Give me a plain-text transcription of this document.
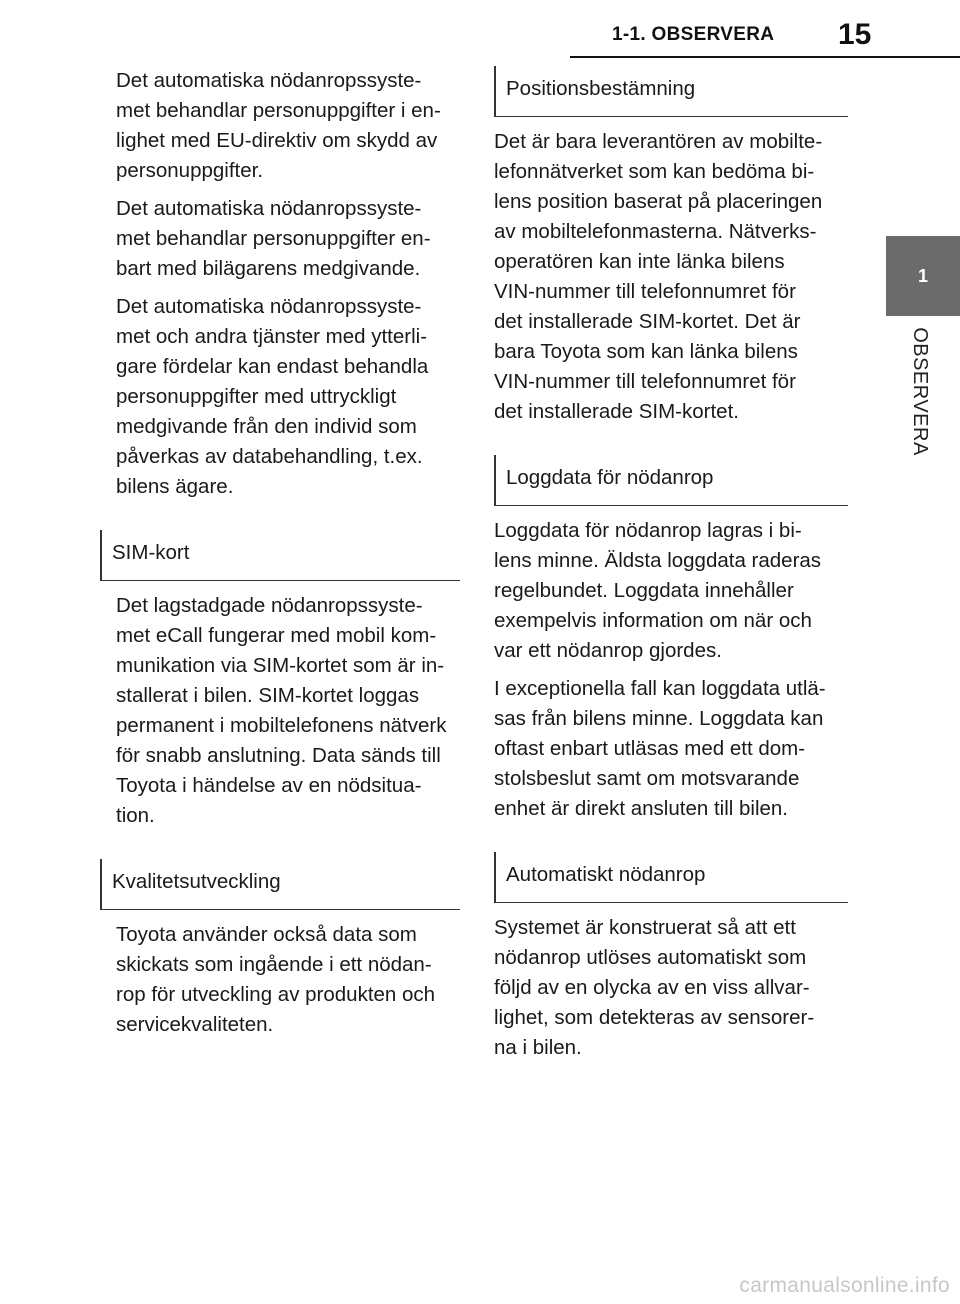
1-1. OBSERVERA 15
1
OBSERVERA

Det automatiska nödanropssyste-
met behandlar personuppgifter i en-
lighet med EU-direktiv om skydd av
personuppgifter.

Det automatiska nödanropssyste-
met behandlar personuppgifter en-
bart med bilägarens medgivande.

Det automatiska nödanropssyste-
met och andra tjänster med ytterli-
gare fördelar kan endast behandla
personuppgifter med uttryckligt
medgivande från den individ som
påverkas av databehandling, t.ex.
bilens ägare.

SIM-kort

Det lagstadgade nödanropssyste-
met eCall fungerar med mobil kom-
munikation via SIM-kortet som är in-
stallerat i bilen. SIM-kortet loggas
permanent i mobiltelefonens nätverk
för snabb anslutning. Data sänds till
Toyota i händelse av en nödsitua-
tion.

Kvalitetsutveckling

Toyota använder också data som
skickats som ingående i ett nödan-
rop för utveckling av produkten och
servicekvaliteten.

Positionsbestämning

Det är bara leverantören av mobilte-
lefonnätverket som kan bedöma bi-
lens position baserat på placeringen
av mobiltelefonmasterna. Nätverks-
operatören kan inte länka bilens
VIN-nummer till telefonnumret för
det installerade SIM-kortet. Det är
bara Toyota som kan länka bilens
VIN-nummer till telefonnumret för
det installerade SIM-kortet.

Loggdata för nödanrop

Loggdata för nödanrop lagras i bi-
lens minne. Äldsta loggdata raderas
regelbundet. Loggdata innehåller
exempelvis information om när och
var ett nödanrop gjordes.

I exceptionella fall kan loggdata utlä-
sas från bilens minne. Loggdata kan
oftast enbart utläsas med ett dom-
stolsbeslut samt om motsvarande
enhet är direkt ansluten till bilen.

Automatiskt nödanrop

Systemet är konstruerat så att ett
nödanrop utlöses automatiskt som
följd av en olycka av en viss allvar-
lighet, som detekteras av sensorer-
na i bilen.

carmanualsonline.info
